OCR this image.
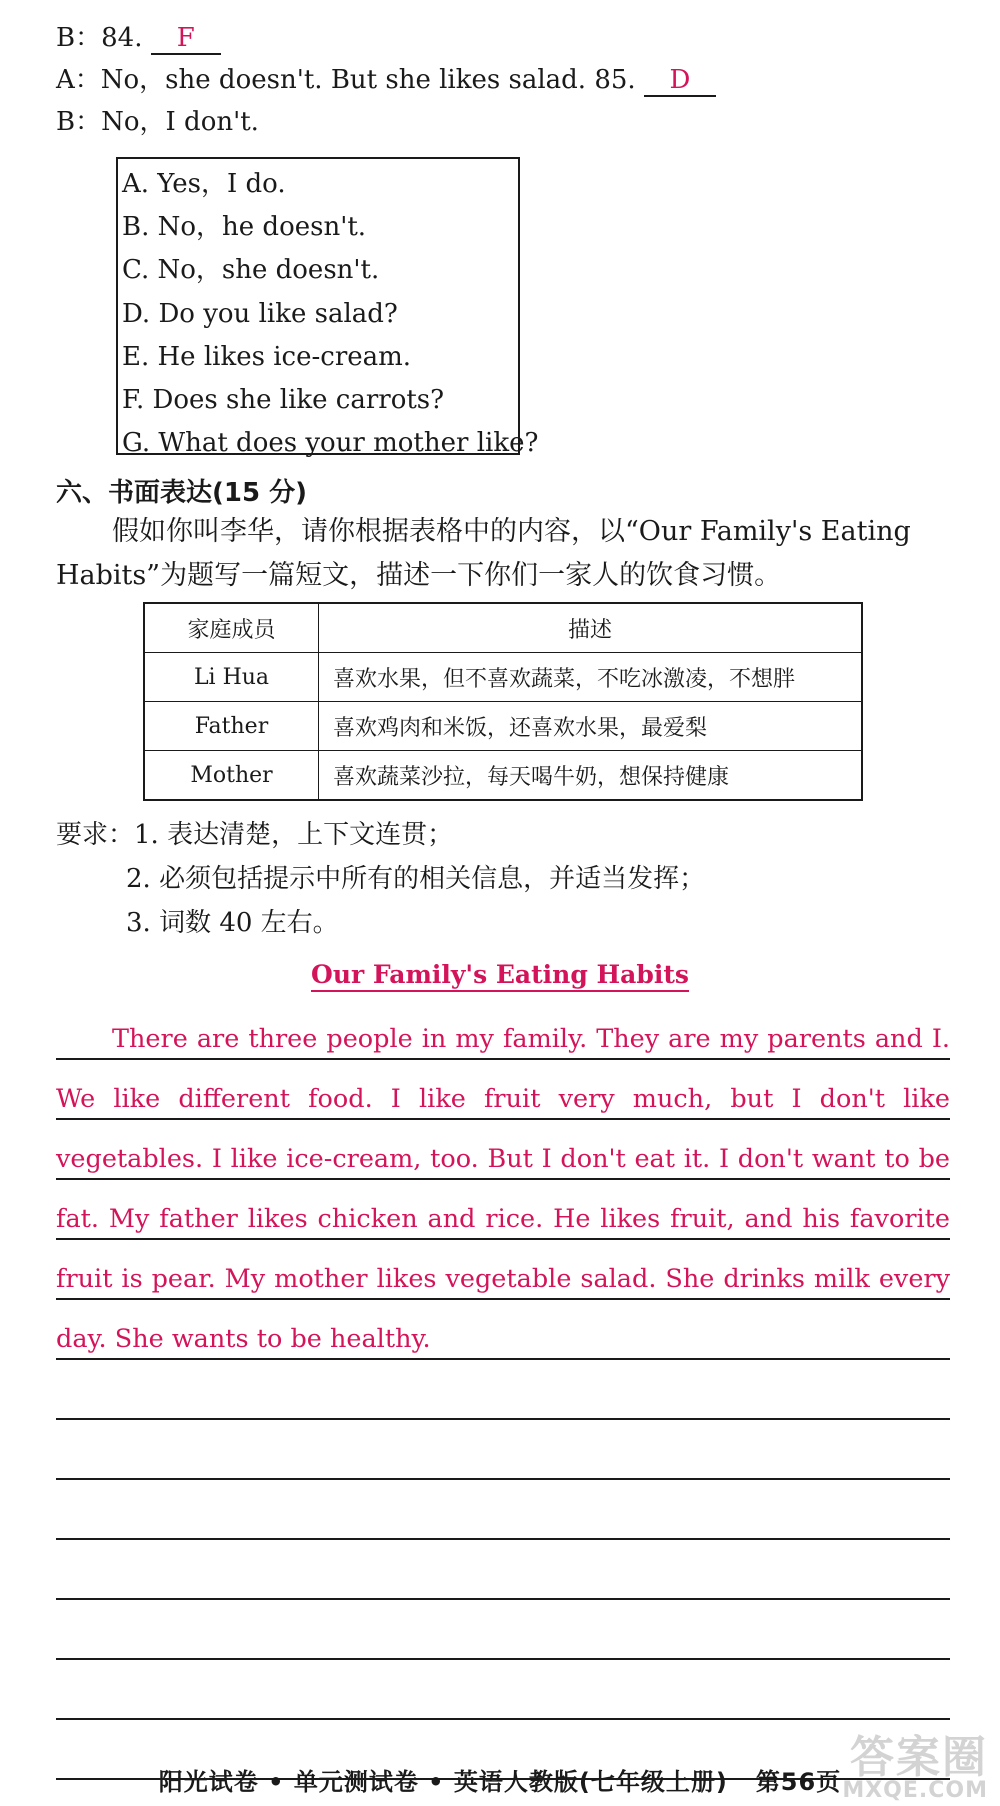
B：84. F
A：No，she doesn't. But she likes salad. 85. D
B：No，I don't.
A. Yes，I do.
B. No，he doesn't.
C. No，she doesn't.
D. Do you like salad?
E. He likes ice-cream.
F. Does she like carrots?
G. What does your mother like?
六、书面表达(15 分)
假如你叫李华，请你根据表格中的内容，以“Our Family's Eating
Habits”为题写一篇短文，描述一下你们一家人的饮食习惯。
家庭成员	描述
Li Hua	喜欢水果，但不喜欢蔬菜，不吃冰激凌，不想胖
Father	喜欢鸡肉和米饭，还喜欢水果，最爱梨
Mother	喜欢蔬菜沙拉，每天喝牛奶，想保持健康
要求：1. 表达清楚，上下文连贯；
2. 必须包括提示中所有的相关信息，并适当发挥；
3. 词数 40 左右。
Our Family's Eating Habits
There are three people in my family. They are my parents and I.
We like different food. I like fruit very much, but I don't like
vegetables. I like ice-cream, too. But I don't eat it. I don't want to be
fat. My father likes chicken and rice. He likes fruit, and his favorite
fruit is pear. My mother likes vegetable salad. She drinks milk every
day. She wants to be healthy.
阳光试卷 • 单元测试卷 • 英语人教版(七年级上册) 第56页 答案圈
MXQE.COM
